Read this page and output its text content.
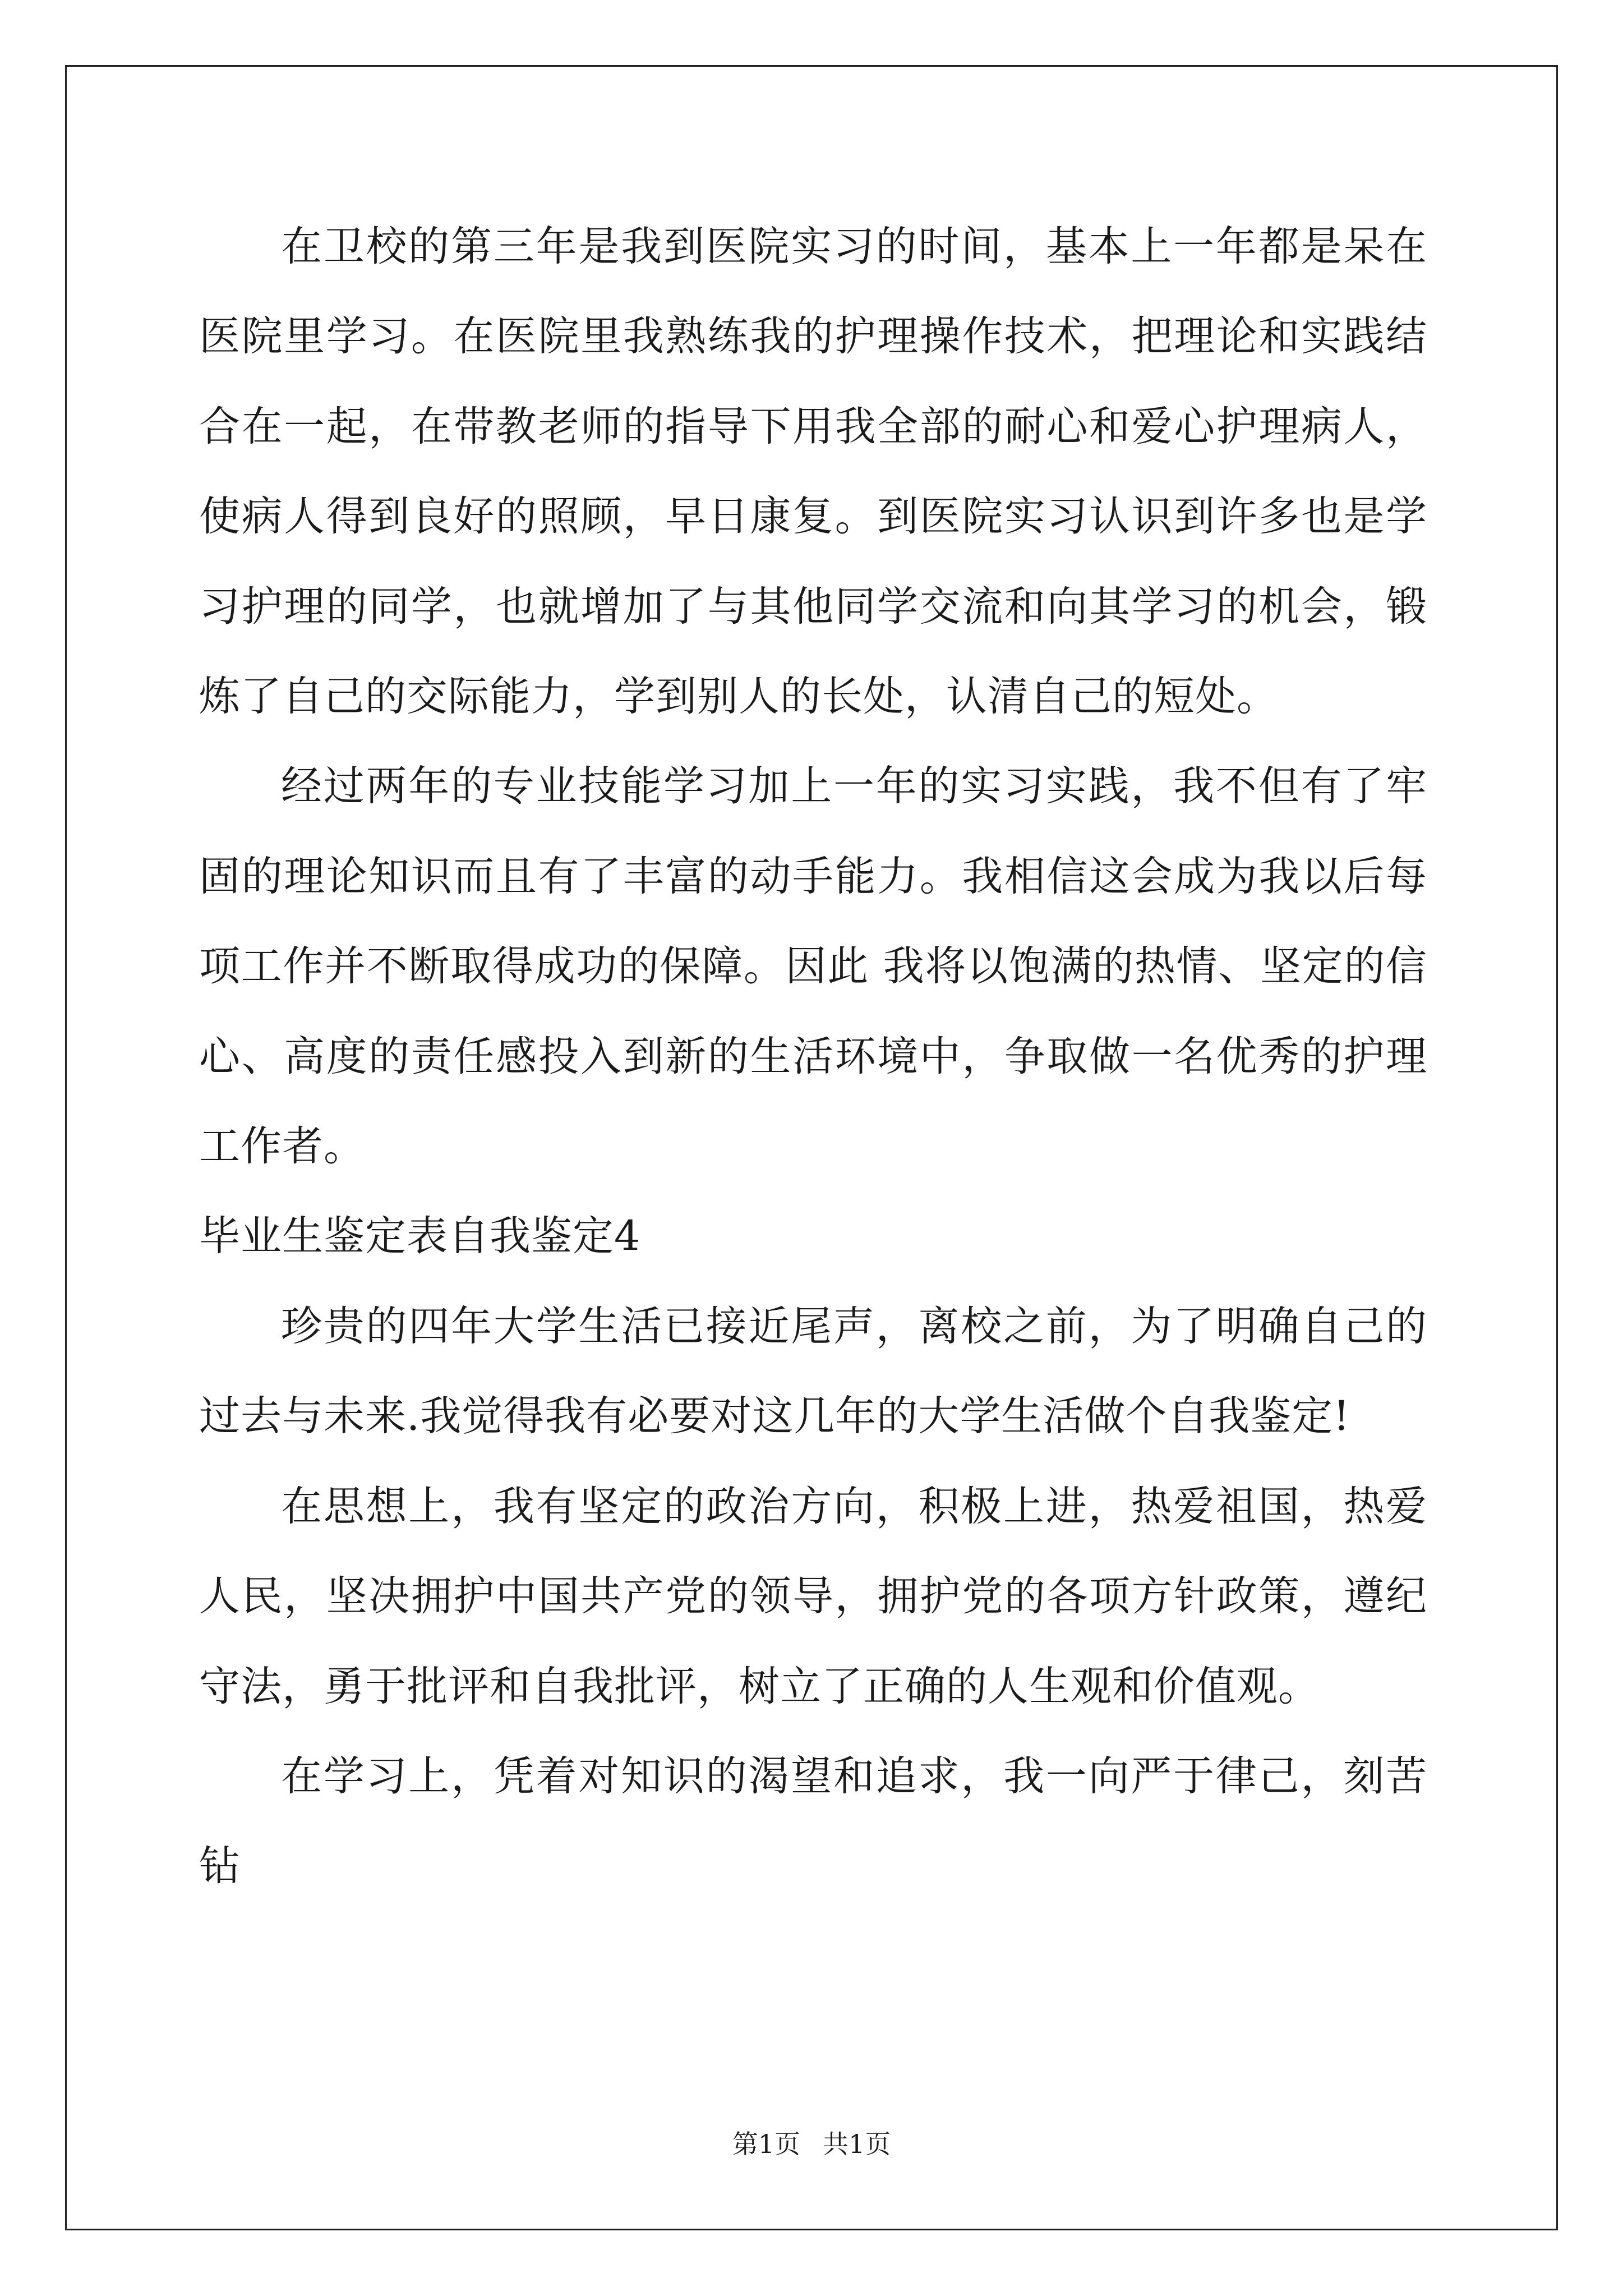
在卫校的第三年是我到医院实习的时间，基本上一年都是呆在医院里学习。在医院里我熟练我的护理操作技术，把理论和实践结合在一起，在带教老师的指导下用我全部的耐心和爱心护理病人，使病人得到良好的照顾，早日康复。到医院实习认识到许多也是学习护理的同学，也就增加了与其他同学交流和向其学习的机会，锻炼了自己的交际能力，学到别人的长处，认清自己的短处。

经过两年的专业技能学习加上一年的实习实践，我不但有了牢固的理论知识而且有了丰富的动手能力。我相信这会成为我以后每项工作并不断取得成功的保障。因此 我将以饱满的热情、坚定的信心、高度的责任感投入到新的生活环境中，争取做一名优秀的护理工作者。

毕业生鉴定表自我鉴定4

珍贵的四年大学生活已接近尾声，离校之前，为了明确自己的过去与未来.我觉得我有必要对这几年的大学生活做个自我鉴定!

在思想上，我有坚定的政治方向，积极上进，热爱祖国，热爱人民，坚决拥护中国共产党的领导，拥护党的各项方针政策，遵纪守法，勇于批评和自我批评，树立了正确的人生观和价值观。

在学习上，凭着对知识的渴望和追求，我一向严于律己，刻苦钻

第1页 共1页
